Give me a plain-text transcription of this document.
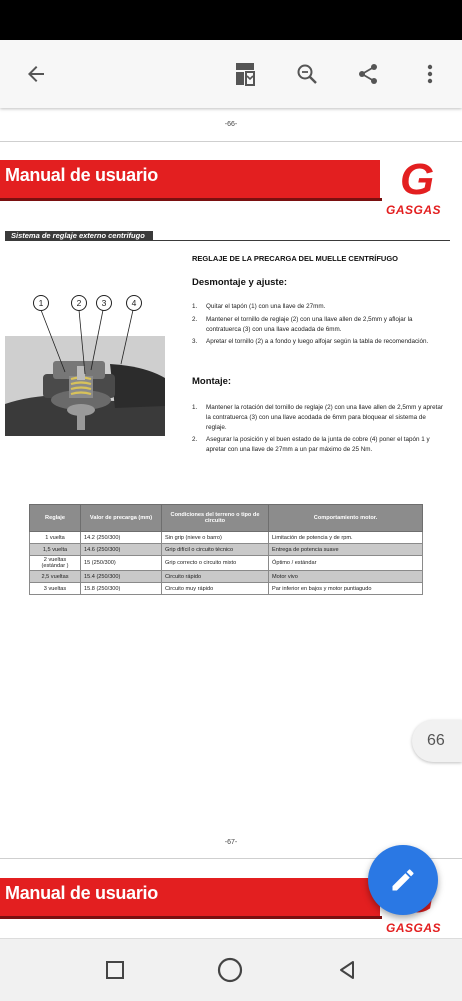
-66-
Manual de usuario	G
GASGAS
Sistema de reglaje externo centrifugo
REGLAJE DE LA PRECARGA DEL MUELLE CENTRÍFUGO
Desmontaje y ajuste:
1. Quitar el tapón (1) con una llave de 27mm.
2. Mantener el tornillo de reglaje (2) con una llave allen de 2,5mm y aflojar la contratuerca (3) con una llave acodada de 6mm.
3. Apretar el tornillo (2) a a fondo y luego alfojar según la tabla de recomendación.
Montaje:
1. Mantener la rotación del tornillo de reglaje (2) con una llave allen de 2,5mm y apretar la contratuerca (3) con una llave acodada de 6mm para bloquear el sistema de reglaje.
2. Asegurar la posición y el buen estado de la junta de cobre (4) poner el tapón 1 y apretar con una llave de 27mm a un par máximo de 25 Nm.
1	2	3	4
Reglaje	Valor de precarga (mm)	Condiciones del terreno o tipo de circuito	Comportamiento motor.
1 vuelta	14.2 (250/300)	Sin grip (nieve o barro)	Limitación de potencia y de rpm.
1,5 vuelta	14.6 (250/300)	Grip difícil o circuito técnico	Entrega de potencia suave
2 vueltas (estándar )	15 (250/300)	Grip correcto o circuito mixto	Óptimo / estándar
2,5 vueltas	15.4 (250/300)	Circuito rápido	Motor vivo
3 vueltas	15.8 (250/300)	Circuito muy rápido	Par inferior en bajos y motor puntiagudo
-67-
Manual de usuario
GASGAS
66
